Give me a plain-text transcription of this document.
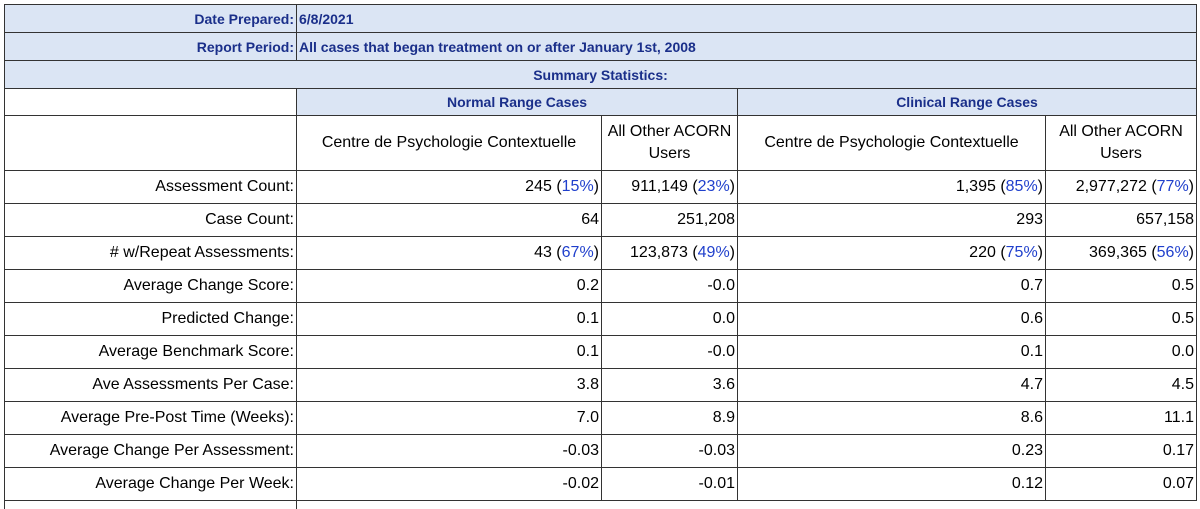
Date Prepared:	6/8/2021			
Report Period:	All cases that began treatment on or after January 1st, 2008			
Summary Statistics:				
	Normal Range Cases		Clinical Range Cases	
	Centre de Psychologie Contextuelle	All Other ACORN Users	Centre de Psychologie Contextuelle	All Other ACORN Users
Assessment Count:	245 (15%)	911,149 (23%)	1,395 (85%)	2,977,272 (77%)
Case Count:	64	251,208	293	657,158
# w/Repeat Assessments:	43 (67%)	123,873 (49%)	220 (75%)	369,365 (56%)
Average Change Score:	0.2	-0.0	0.7	0.5
Predicted Change:	0.1	0.0	0.6	0.5
Average Benchmark Score:	0.1	-0.0	0.1	0.0
Ave Assessments Per Case:	3.8	3.6	4.7	4.5
Average Pre-Post Time (Weeks):	7.0	8.9	8.6	11.1
Average Change Per Assessment:	-0.03	-0.03	0.23	0.17
Average Change Per Week:	-0.02	-0.01	0.12	0.07
